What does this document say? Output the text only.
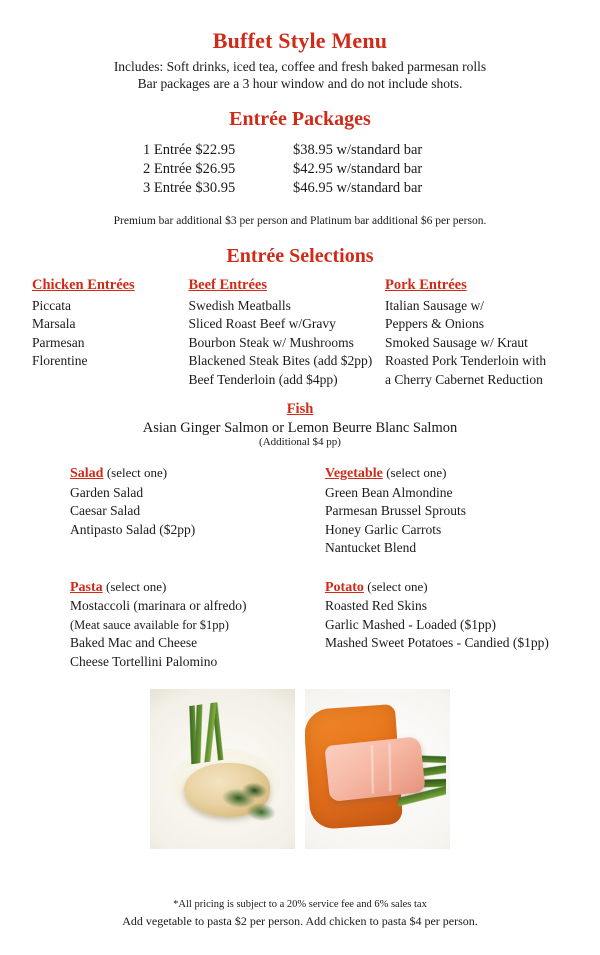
Buffet Style Menu

Includes: Soft drinks, iced tea, coffee and fresh baked parmesan rolls

Bar packages are a 3 hour window and do not include shots.

Entrée Packages
1 Entrée $22.95	$38.95 w/standard bar
2 Entrée $26.95	$42.95 w/standard bar
3 Entrée $30.95	$46.95 w/standard bar
Premium bar additional $3 per person and Platinum bar additional $6 per person.
Entrée Selections
Chicken Entrées
Piccata
Marsala
Parmesan
Florentine
Beef Entrées
Swedish Meatballs
Sliced Roast Beef w/Gravy
Bourbon Steak w/ Mushrooms
Blackened Steak Bites (add $2pp)
Beef Tenderloin (add $4pp)
Pork Entrées
Italian Sausage w/
Peppers & Onions
Smoked Sausage w/ Kraut
Roasted Pork Tenderloin with
a Cherry Cabernet Reduction
Fish
Asian Ginger Salmon or Lemon Beurre Blanc Salmon
(Additional $4 pp)
Salad (select one)
Garden Salad
Caesar Salad
Antipasto Salad ($2pp)
Vegetable (select one)
Green Bean Almondine
Parmesan Brussel Sprouts
Honey Garlic Carrots
Nantucket Blend
Pasta (select one)
Mostaccoli (marinara or alfredo)
(Meat sauce available for $1pp)
Baked Mac and Cheese
Cheese Tortellini Palomino
Potato (select one)
Roasted Red Skins
Garlic Mashed - Loaded ($1pp)
Mashed Sweet Potatoes - Candied ($1pp)
*All pricing is subject to a 20% service fee and 6% sales tax
Add vegetable to pasta $2 per person. Add chicken to pasta $4 per person.
